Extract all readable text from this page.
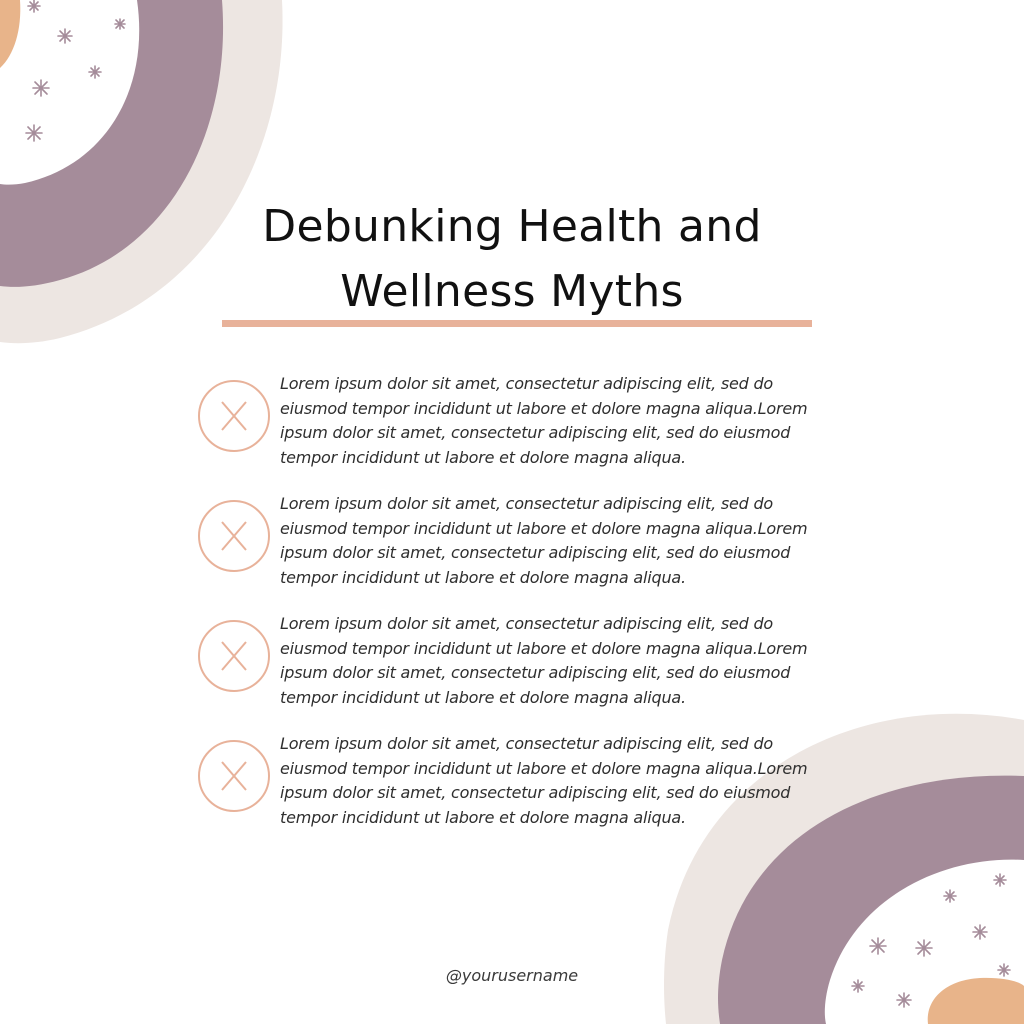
Debunking Health and
Wellness Myths
Lorem ipsum dolor sit amet, consectetur adipiscing elit, sed do eiusmod tempor incididunt ut labore et dolore magna aliqua.Lorem ipsum dolor sit amet, consectetur adipiscing elit, sed do eiusmod tempor incididunt ut labore et dolore magna aliqua.
Lorem ipsum dolor sit amet, consectetur adipiscing elit, sed do eiusmod tempor incididunt ut labore et dolore magna aliqua.Lorem ipsum dolor sit amet, consectetur adipiscing elit, sed do eiusmod tempor incididunt ut labore et dolore magna aliqua.
Lorem ipsum dolor sit amet, consectetur adipiscing elit, sed do eiusmod tempor incididunt ut labore et dolore magna aliqua.Lorem ipsum dolor sit amet, consectetur adipiscing elit, sed do eiusmod tempor incididunt ut labore et dolore magna aliqua.
Lorem ipsum dolor sit amet, consectetur adipiscing elit, sed do eiusmod tempor incididunt ut labore et dolore magna aliqua.Lorem ipsum dolor sit amet, consectetur adipiscing elit, sed do eiusmod tempor incididunt ut labore et dolore magna aliqua.
@yourusername
